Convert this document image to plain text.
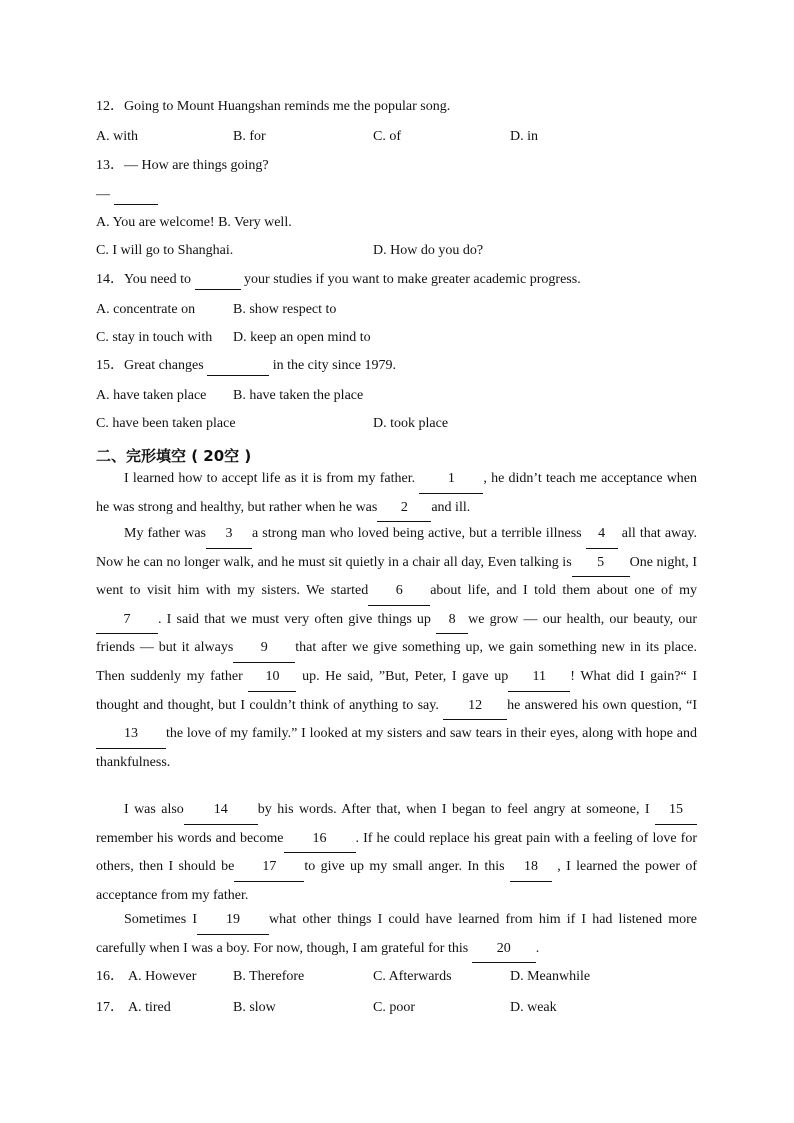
12．Going to Mount Huangshan reminds me the popular song.
A. with	B. for	C. of	D. in
13．— How are things going?
—
A. You are welcome! B. Very well.
C. I will go to Shanghai.	D. How do you do?
14．You need to	your studies if you want to make greater academic progress.
A. concentrate on	B. show respect to
C. stay in touch with D. keep an open mind to
15．Great changes	in the city since 1979.
A. have taken place B. have taken the place
C. have been taken place	D. took place
二、完形填空 ( 20空 )
I learned how to accept life as it is from my father. 1 , he didn’t teach me acceptance when he was strong and healthy, but rather when he was 2 and ill.
My father was 3 a strong man who loved being active, but a terrible illness 4 all that away. Now he can no longer walk, and he must sit quietly in a chair all day, Even talking is 5 One night, I went to visit him with my sisters. We started 6 about life, and I told them about one of my7 . I said that we must very often give things up 8 we grow — our health, our beauty, our friends — but it always 9 that after we give something up, we gain something new in its place. Then suddenly my father 10 up. He said, ”But, Peter, I gave up 11 ! What did I gain?“ I thought and thought, but I couldn’t think of anything to say. 12 he answered his own question, “I13 the love of my family.” I looked at my sisters and saw tears in their eyes, along with hope and thankfulness.
I was also 14 by his words. After that, when I began to feel angry at someone, I 15remember his words and become 16 . If he could replace his great pain with a feeling of love for others, then I should be 17 to give up my small anger. In this 18 , I learned the power of acceptance from my father.
Sometimes I 19 what other things I could have learned from him if I had listened more carefully when I was a boy. For now, though, I am grateful for this 20 .
16． A. However	B. Therefore	C. Afterwards	D. Meanwhile
17． A. tired	B. slow	C. poor	D. weak
